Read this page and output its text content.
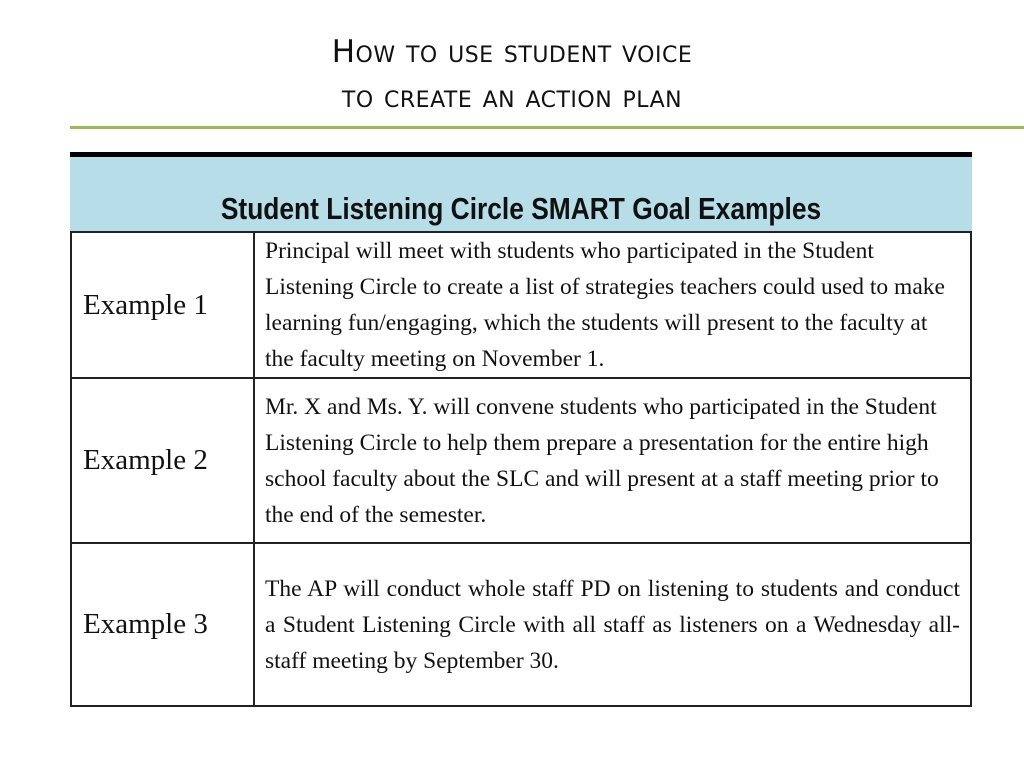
How to use student voice
to create an action plan
Student Listening Circle SMART Goal Examples
Example 1	Principal will meet with students who participated in the Student Listening Circle to create a list of strategies teachers could used to make learning fun/engaging, which the students will present to the faculty at the faculty meeting on November 1.
Example 2	Mr. X and Ms. Y. will convene students who participated in the Student Listening Circle to help them prepare a presentation for the entire high school faculty about the SLC and will present at a staff meeting prior to the end of the semester.
Example 3	The AP will conduct whole staff PD on listening to students and conduct a Student Listening Circle with all staff as listeners on a Wednesday all-staff meeting by September 30.
